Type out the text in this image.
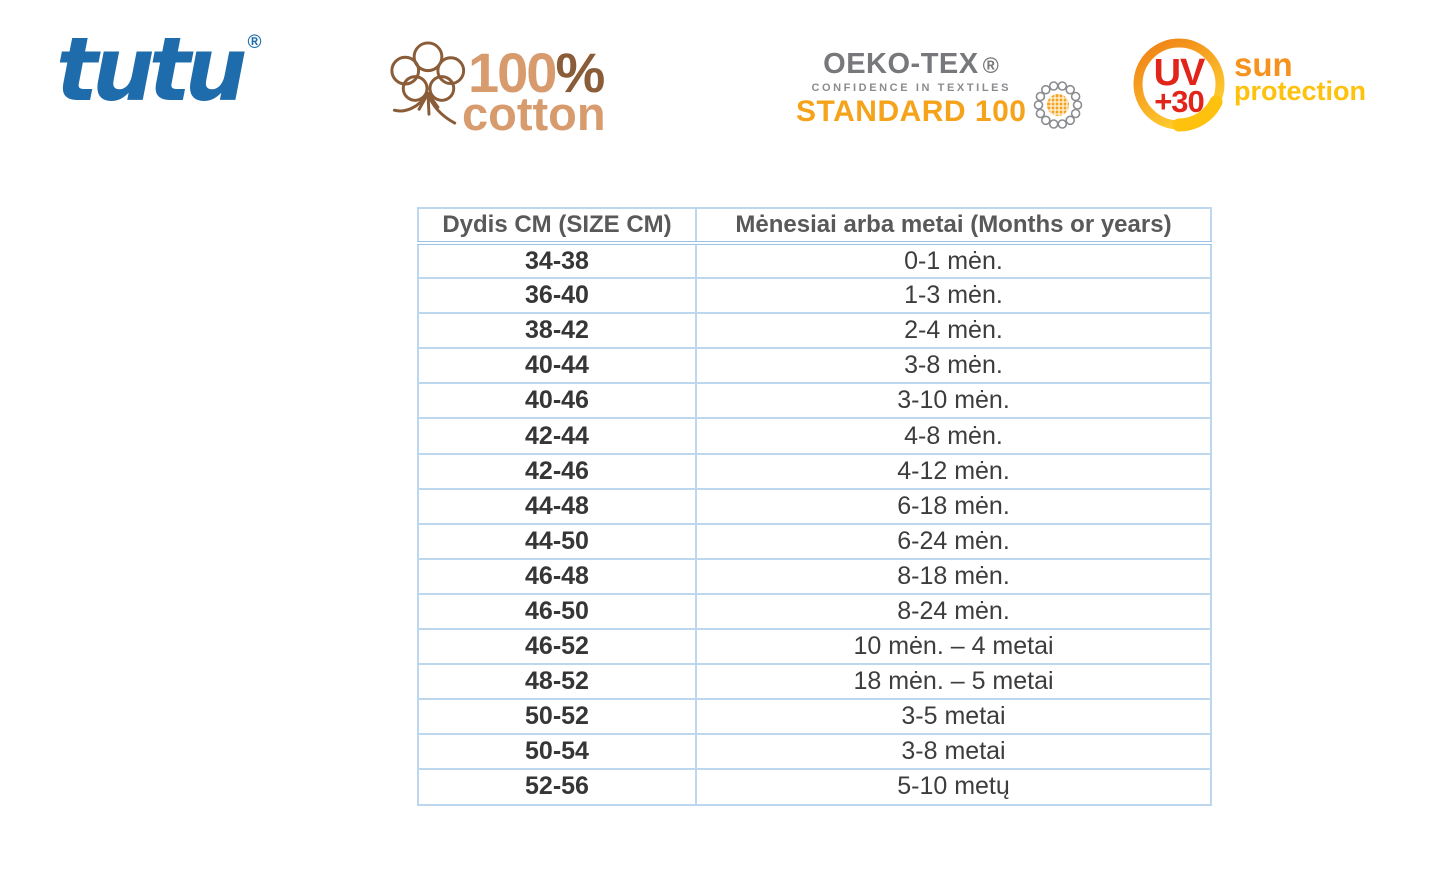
tutu ®	100%
cotton
OEKO-TEX ®
CONFIDENCE IN TEXTILES
STANDARD 100
UV
+30
sun
protection
Dydis CM (SIZE CM)	Mėnesiai arba metai (Months or years)
34-38	0-1 mėn.
36-40	1-3 mėn.
38-42	2-4 mėn.
40-44	3-8 mėn.
40-46	3-10 mėn.
42-44	4-8 mėn.
42-46	4-12 mėn.
44-48	6-18 mėn.
44-50	6-24 mėn.
46-48	8-18 mėn.
46-50	8-24 mėn.
46-52	10 mėn. – 4 metai
48-52	18 mėn. – 5 metai
50-52	3-5 metai
50-54	3-8 metai
52-56	5-10 metų
